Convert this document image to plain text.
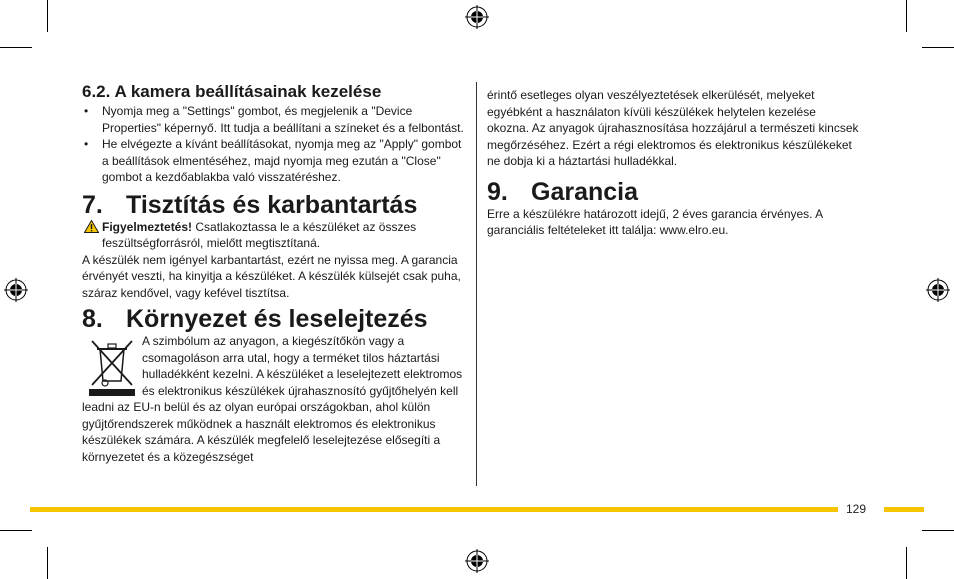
6.2. A kamera beállításainak kezelése
• Nyomja meg a "Settings" gombot, és megjelenik a "Device Properties" képernyő. Itt tudja a beállítani a színeket és a felbontást.
• He elvégezte a kívánt beállításokat, nyomja meg az "Apply" gombot a beállítások elmentéséhez, majd nyomja meg ezután a "Close" gombot a kezdőablakba való visszatéréshez.
7. Tisztítás és karbantartás

Figyelmeztetés! Csatlakoztassa le a készüléket az összes feszültségforrásról, mielőtt megtisztítaná.

A készülék nem igényel karbantartást, ezért ne nyissa meg. A garancia érvényét veszti, ha kinyitja a készüléket. A készülék külsejét csak puha, száraz kendővel, vagy kefével tisztítsa.

8. Környezet és leselejtezés

A szimbólum az anyagon, a kiegészítőkön vagy a csomagoláson arra utal, hogy a terméket tilos háztartási hulladékként kezelni. A készüléket a leselejtezett elektromos és elektronikus készülékek újrahasznosító gyűjtőhelyén kell leadni az EU-n belül és az olyan európai országokban, ahol külön gyűjtőrendszerek működnek a használt elektromos és elektronikus készülékek számára. A készülék megfelelő leselejtezése elősegíti a környezetet és a közegészséget

érintő esetleges olyan veszélyeztetések elkerülését, melyeket egyébként a használaton kívüli készülékek helytelen kezelése okozna. Az anyagok újrahasznosítása hozzájárul a természeti kincsek megőrzéséhez. Ezért a régi elektromos és elektronikus készülékeket ne dobja ki a háztartási hulladékkal.

9. Garancia

Erre a készülékre határozott idejű, 2 éves garancia érvényes. A garanciális feltételeket itt találja: www.elro.eu.

129
